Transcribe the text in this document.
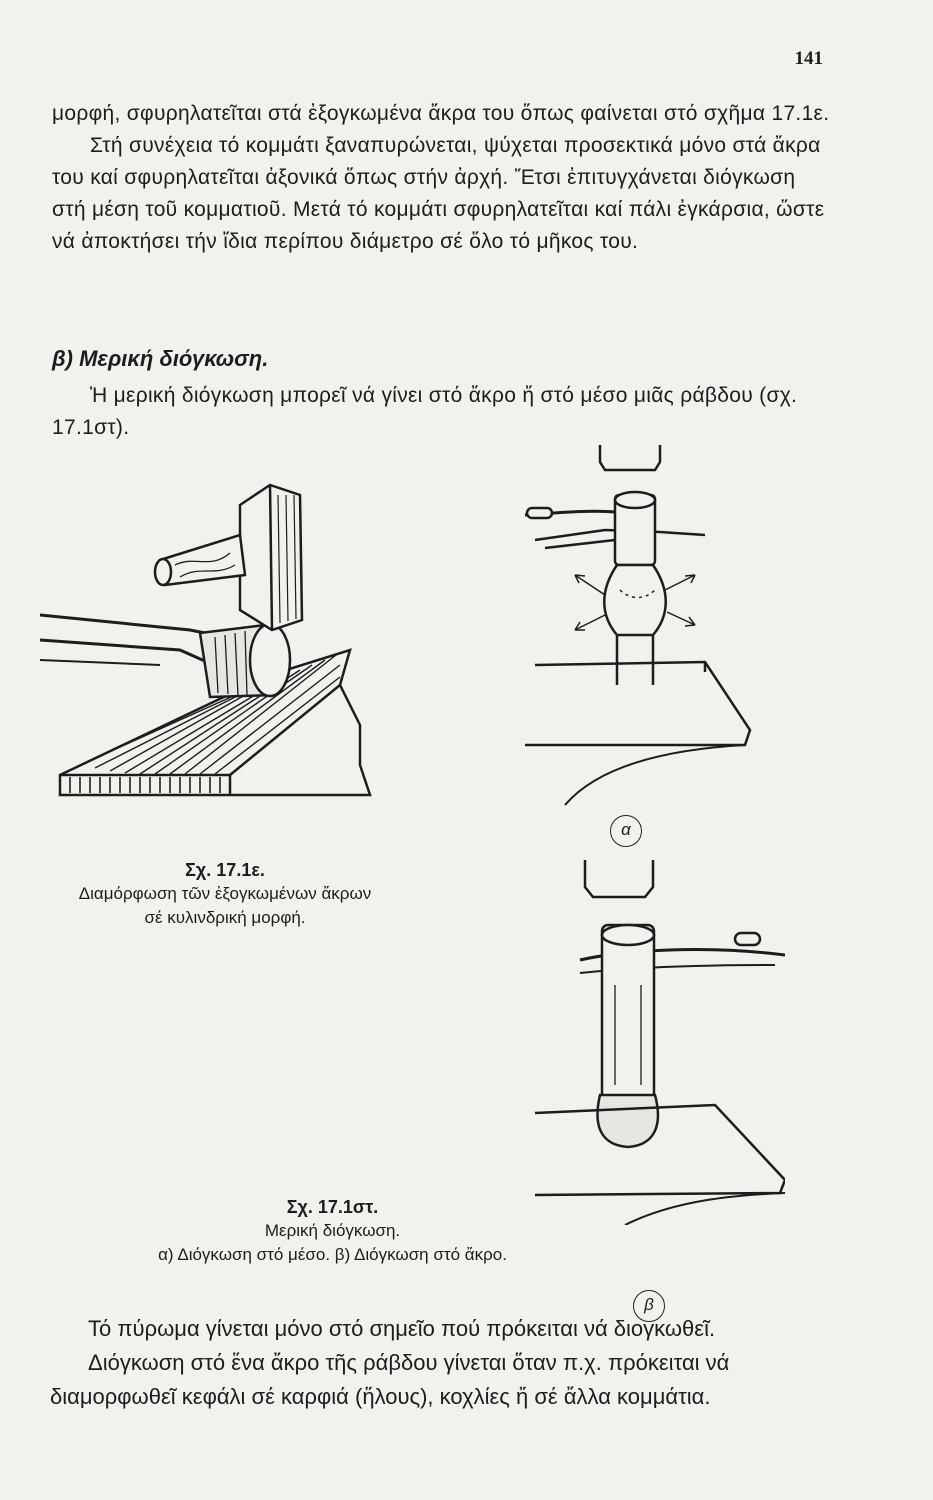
141
μορφή, σφυρηλατεῖται στά ἐξογκωμένα ἄκρα του ὅπως φαίνεται στό σχῆμα 17.1ε.
Στή συνέχεια τό κομμάτι ξαναπυρώνεται, ψύχεται προσεκτικά μόνο στά ἄκρα του καί σφυρηλατεῖται ἀξονικά ὅπως στήν ἀρχή. Ἔτσι ἐπιτυγχάνεται διόγκωση στή μέση τοῦ κομματιοῦ. Μετά τό κομμάτι σφυρηλατεῖται καί πάλι ἐγκάρσια, ὥστε νά ἀποκτήσει τήν ἴδια περίπου διάμετρο σέ ὅλο τό μῆκος του.
β) Μερική διόγκωση.
Ἡ μερική διόγκωση μπορεῖ νά γίνει στό ἄκρο ἤ στό μέσο μιᾶς ράβδου (σχ. 17.1στ).
Σχ. 17.1ε.
Διαμόρφωση τῶν ἐξογκωμένων ἄκρων
σέ κυλινδρική μορφή.
α
β
Σχ. 17.1στ.
Μερική διόγκωση.
α) Διόγκωση στό μέσο. β) Διόγκωση στό ἄκρο.
Τό πύρωμα γίνεται μόνο στό σημεῖο πού πρόκειται νά διογκωθεῖ.
Διόγκωση στό ἕνα ἄκρο τῆς ράβδου γίνεται ὅταν π.χ. πρόκειται νά διαμορφωθεῖ κεφάλι σέ καρφιά (ἥλους), κοχλίες ἤ σέ ἄλλα κομμάτια.
